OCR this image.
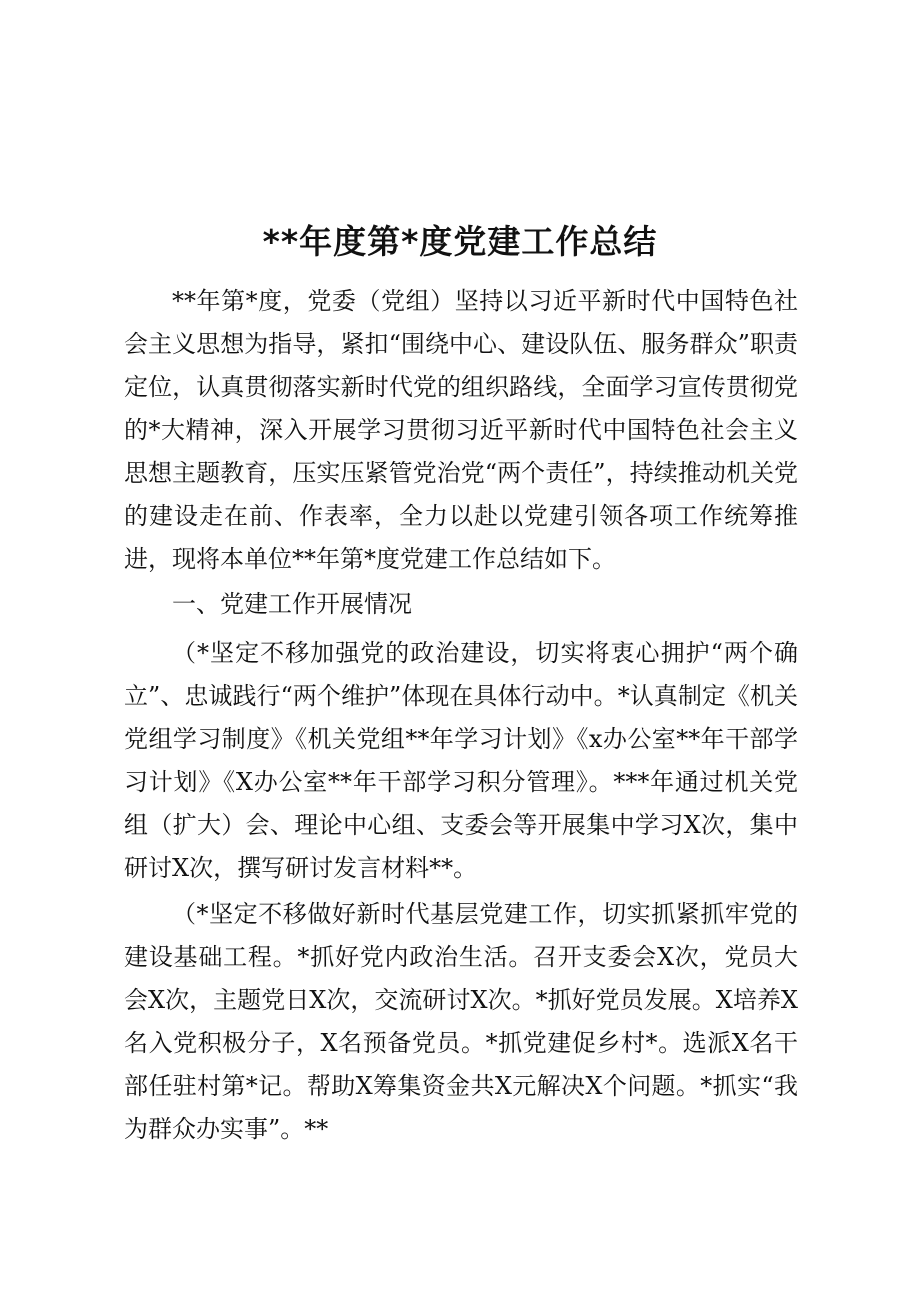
**年度第*度党建工作总结

**年第*度，党委（党组）坚持以习近平新时代中国特色社会主义思想为指导，紧扣“围绕中心、建设队伍、服务群众”职责定位，认真贯彻落实新时代党的组织路线，全面学习宣传贯彻党的*大精神，深入开展学习贯彻习近平新时代中国特色社会主义思想主题教育，压实压紧管党治党“两个责任”，持续推动机关党的建设走在前、作表率，全力以赴以党建引领各项工作统筹推进，现将本单位**年第*度党建工作总结如下。

一、党建工作开展情况

（*坚定不移加强党的政治建设，切实将衷心拥护“两个确立”、忠诚践行“两个维护”体现在具体行动中。*认真制定《机关党组学习制度》《机关党组**年学习计划》《x办公室**年干部学习计划》《X办公室**年干部学习积分管理》。***年通过机关党组（扩大）会、理论中心组、支委会等开展集中学习X次，集中研讨X次，撰写研讨发言材料**。

（*坚定不移做好新时代基层党建工作，切实抓紧抓牢党的建设基础工程。*抓好党内政治生活。召开支委会X次，党员大会X次，主题党日X次，交流研讨X次。*抓好党员发展。X培养X名入党积极分子，X名预备党员。*抓党建促乡村*。选派X名干部任驻村第*记。帮助X筹集资金共X元解决X个问题。*抓实“我为群众办实事”。**
